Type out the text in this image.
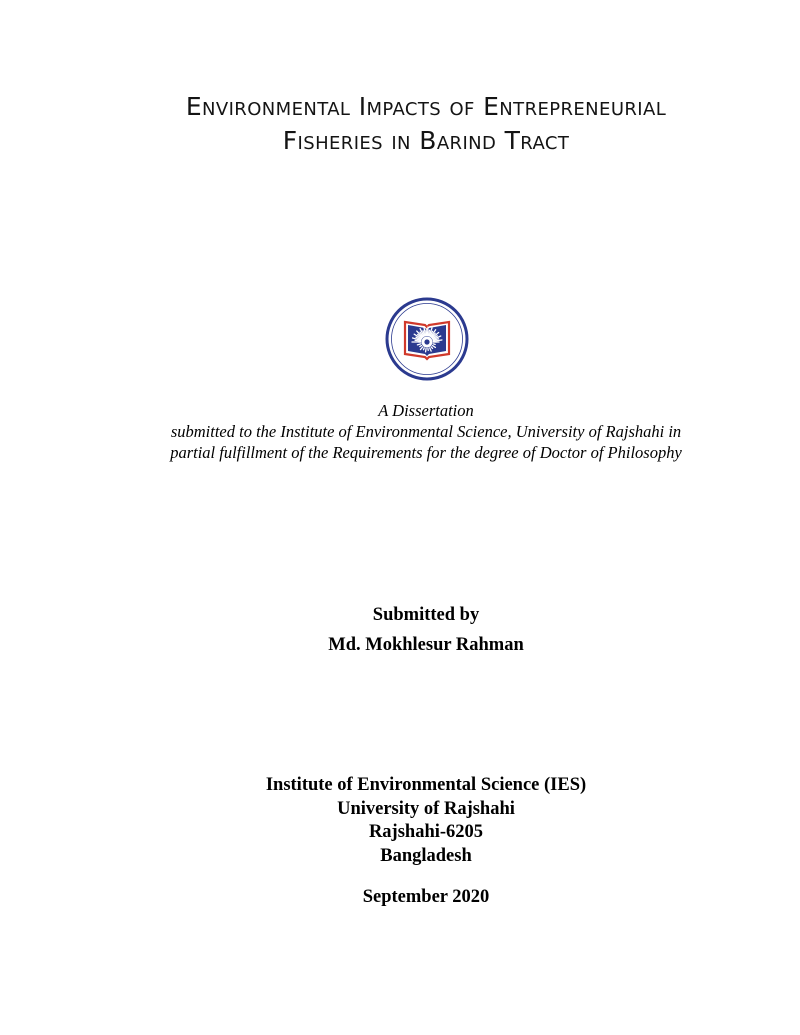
Environmental Impacts of Entrepreneurial
Fisheries in Barind Tract
A Dissertation
submitted to the Institute of Environmental Science, University of Rajshahi in
partial fulfillment of the Requirements for the degree of Doctor of Philosophy
Submitted by
Md. Mokhlesur Rahman
Institute of Environmental Science (IES)
University of Rajshahi
Rajshahi-6205
Bangladesh
September 2020
